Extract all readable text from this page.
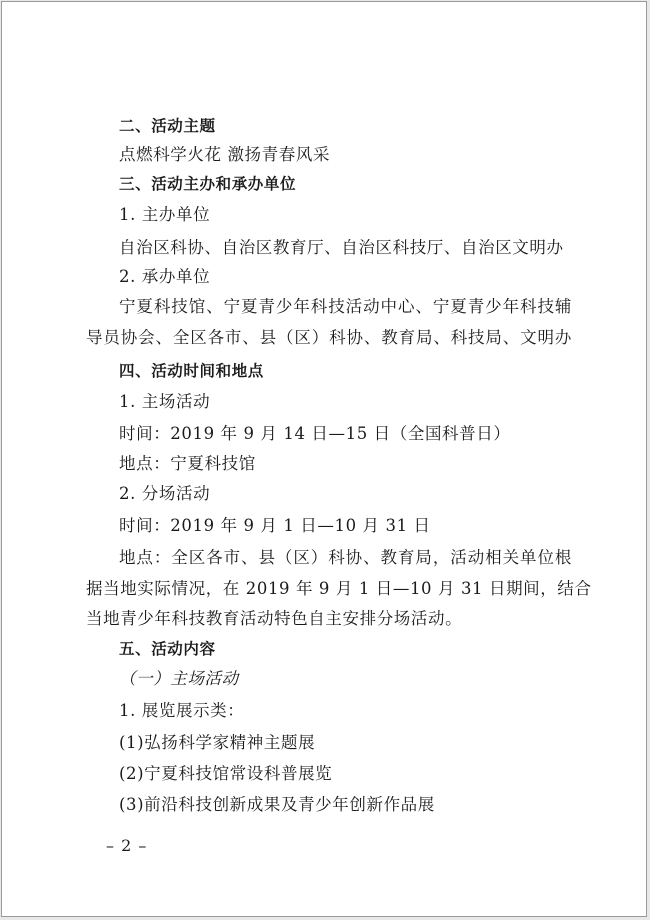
二、活动主题
点燃科学火花 激扬青春风采
三、活动主办和承办单位
1. 主办单位
自治区科协、自治区教育厅、自治区科技厅、自治区文明办
2. 承办单位
宁夏科技馆、宁夏青少年科技活动中心、宁夏青少年科技辅
导员协会、全区各市、县（区）科协、教育局、科技局、文明办
四、活动时间和地点
1. 主场活动
时间：2019 年 9 月 14 日—15 日（全国科普日）
地点：宁夏科技馆
2. 分场活动
时间：2019 年 9 月 1 日—10 月 31 日
地点：全区各市、县（区）科协、教育局，活动相关单位根
据当地实际情况，在 2019 年 9 月 1 日—10 月 31 日期间，结合
当地青少年科技教育活动特色自主安排分场活动。
五、活动内容
（一）主场活动
1. 展览展示类：
(1)弘扬科学家精神主题展
(2)宁夏科技馆常设科普展览
(3)前沿科技创新成果及青少年创新作品展
– 2 –
